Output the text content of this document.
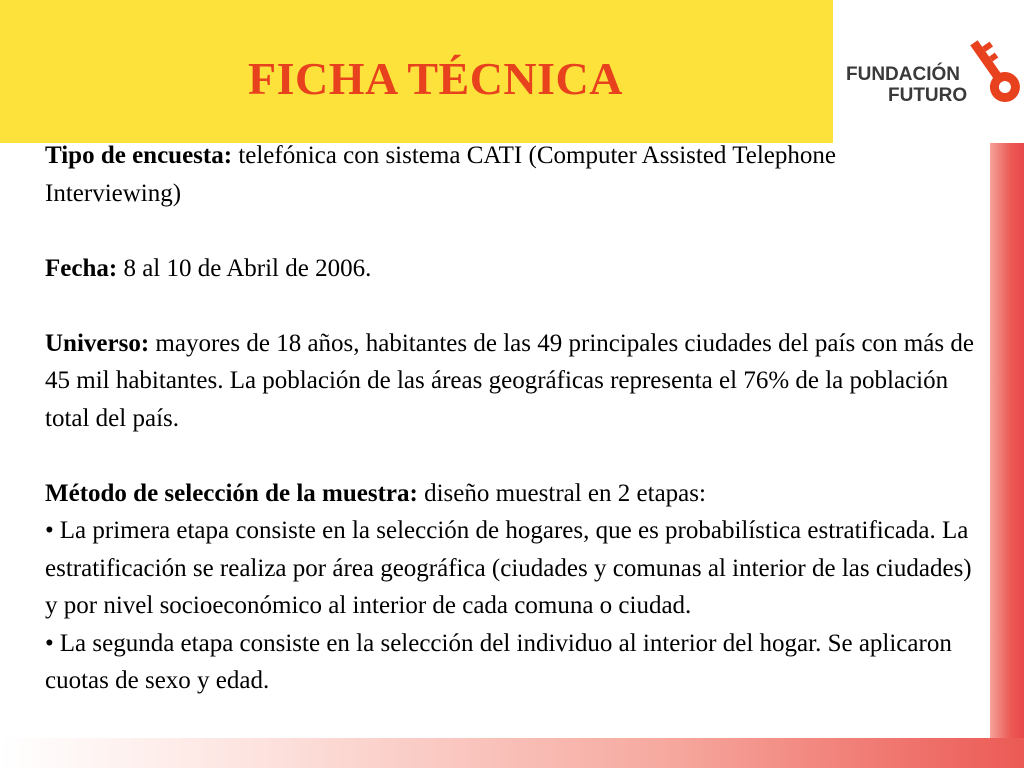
FICHA TÉCNICA	FUNDACIÓN
FUTURO

Tipo de encuesta: telefónica con sistema CATI (Computer Assisted Telephone Interviewing)

Fecha: 8 al 10 de Abril de 2006.

Universo: mayores de 18 años, habitantes de las 49 principales ciudades del país con más de 45 mil habitantes. La población de las áreas geográficas representa el 76% de la población total del país.

Método de selección de la muestra: diseño muestral en 2 etapas:

• La primera etapa consiste en la selección de hogares, que es probabilística estratificada. La estratificación se realiza por área geográfica (ciudades y comunas al interior de las ciudades) y por nivel socioeconómico al interior de cada comuna o ciudad.

• La segunda etapa consiste en la selección del individuo al interior del hogar. Se aplicaron cuotas de sexo y edad.
